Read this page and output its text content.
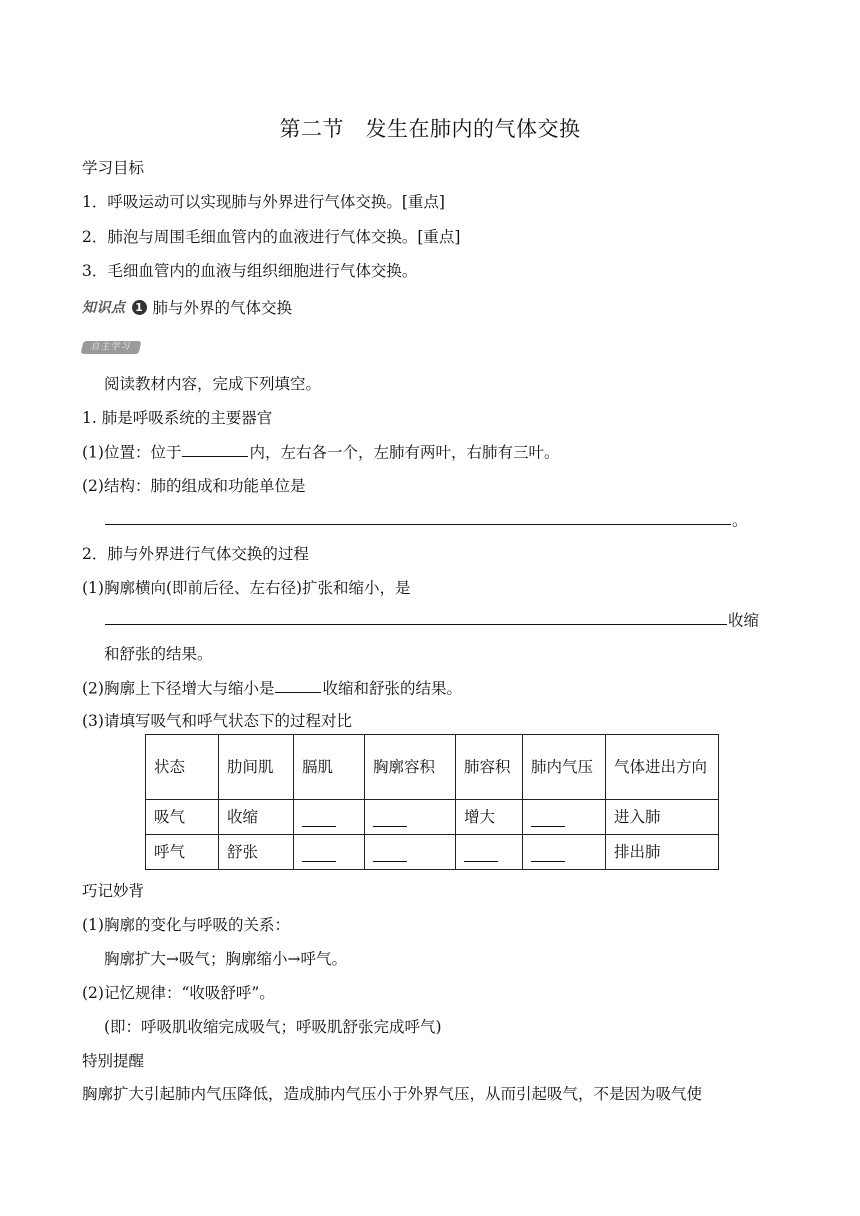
第二节　发生在肺内的气体交换
学习目标
1．呼吸运动可以实现肺与外界进行气体交换。[重点]
2．肺泡与周围毛细血管内的血液进行气体交换。[重点]
3．毛细血管内的血液与组织细胞进行气体交换。
知识点 1 肺与外界的气体交换
自主学习
阅读教材内容，完成下列填空。
1. 肺是呼吸系统的主要器官
(1)位置：位于	内，左右各一个，左肺有两叶，右肺有三叶。
(2)结构：肺的组成和功能单位是
。
2．肺与外界进行气体交换的过程
(1)胸廓横向(即前后径、左右径)扩张和缩小，是
收缩
和舒张的结果。
(2)胸廓上下径增大与缩小是	收缩和舒张的结果。
(3)请填写吸气和呼气状态下的过程对比
状态	肋间肌	膈肌	胸廓容积	肺容积	肺内气压	气体进出方向
吸气	收缩			增大		进入肺
呼气	舒张					排出肺
巧记妙背
(1)胸廓的变化与呼吸的关系：
胸廓扩大→吸气；胸廓缩小→呼气。
(2)记忆规律：“收吸舒呼”。
(即：呼吸肌收缩完成吸气；呼吸肌舒张完成呼气)
特别提醒
胸廓扩大引起肺内气压降低，造成肺内气压小于外界气压，从而引起吸气，不是因为吸气使
